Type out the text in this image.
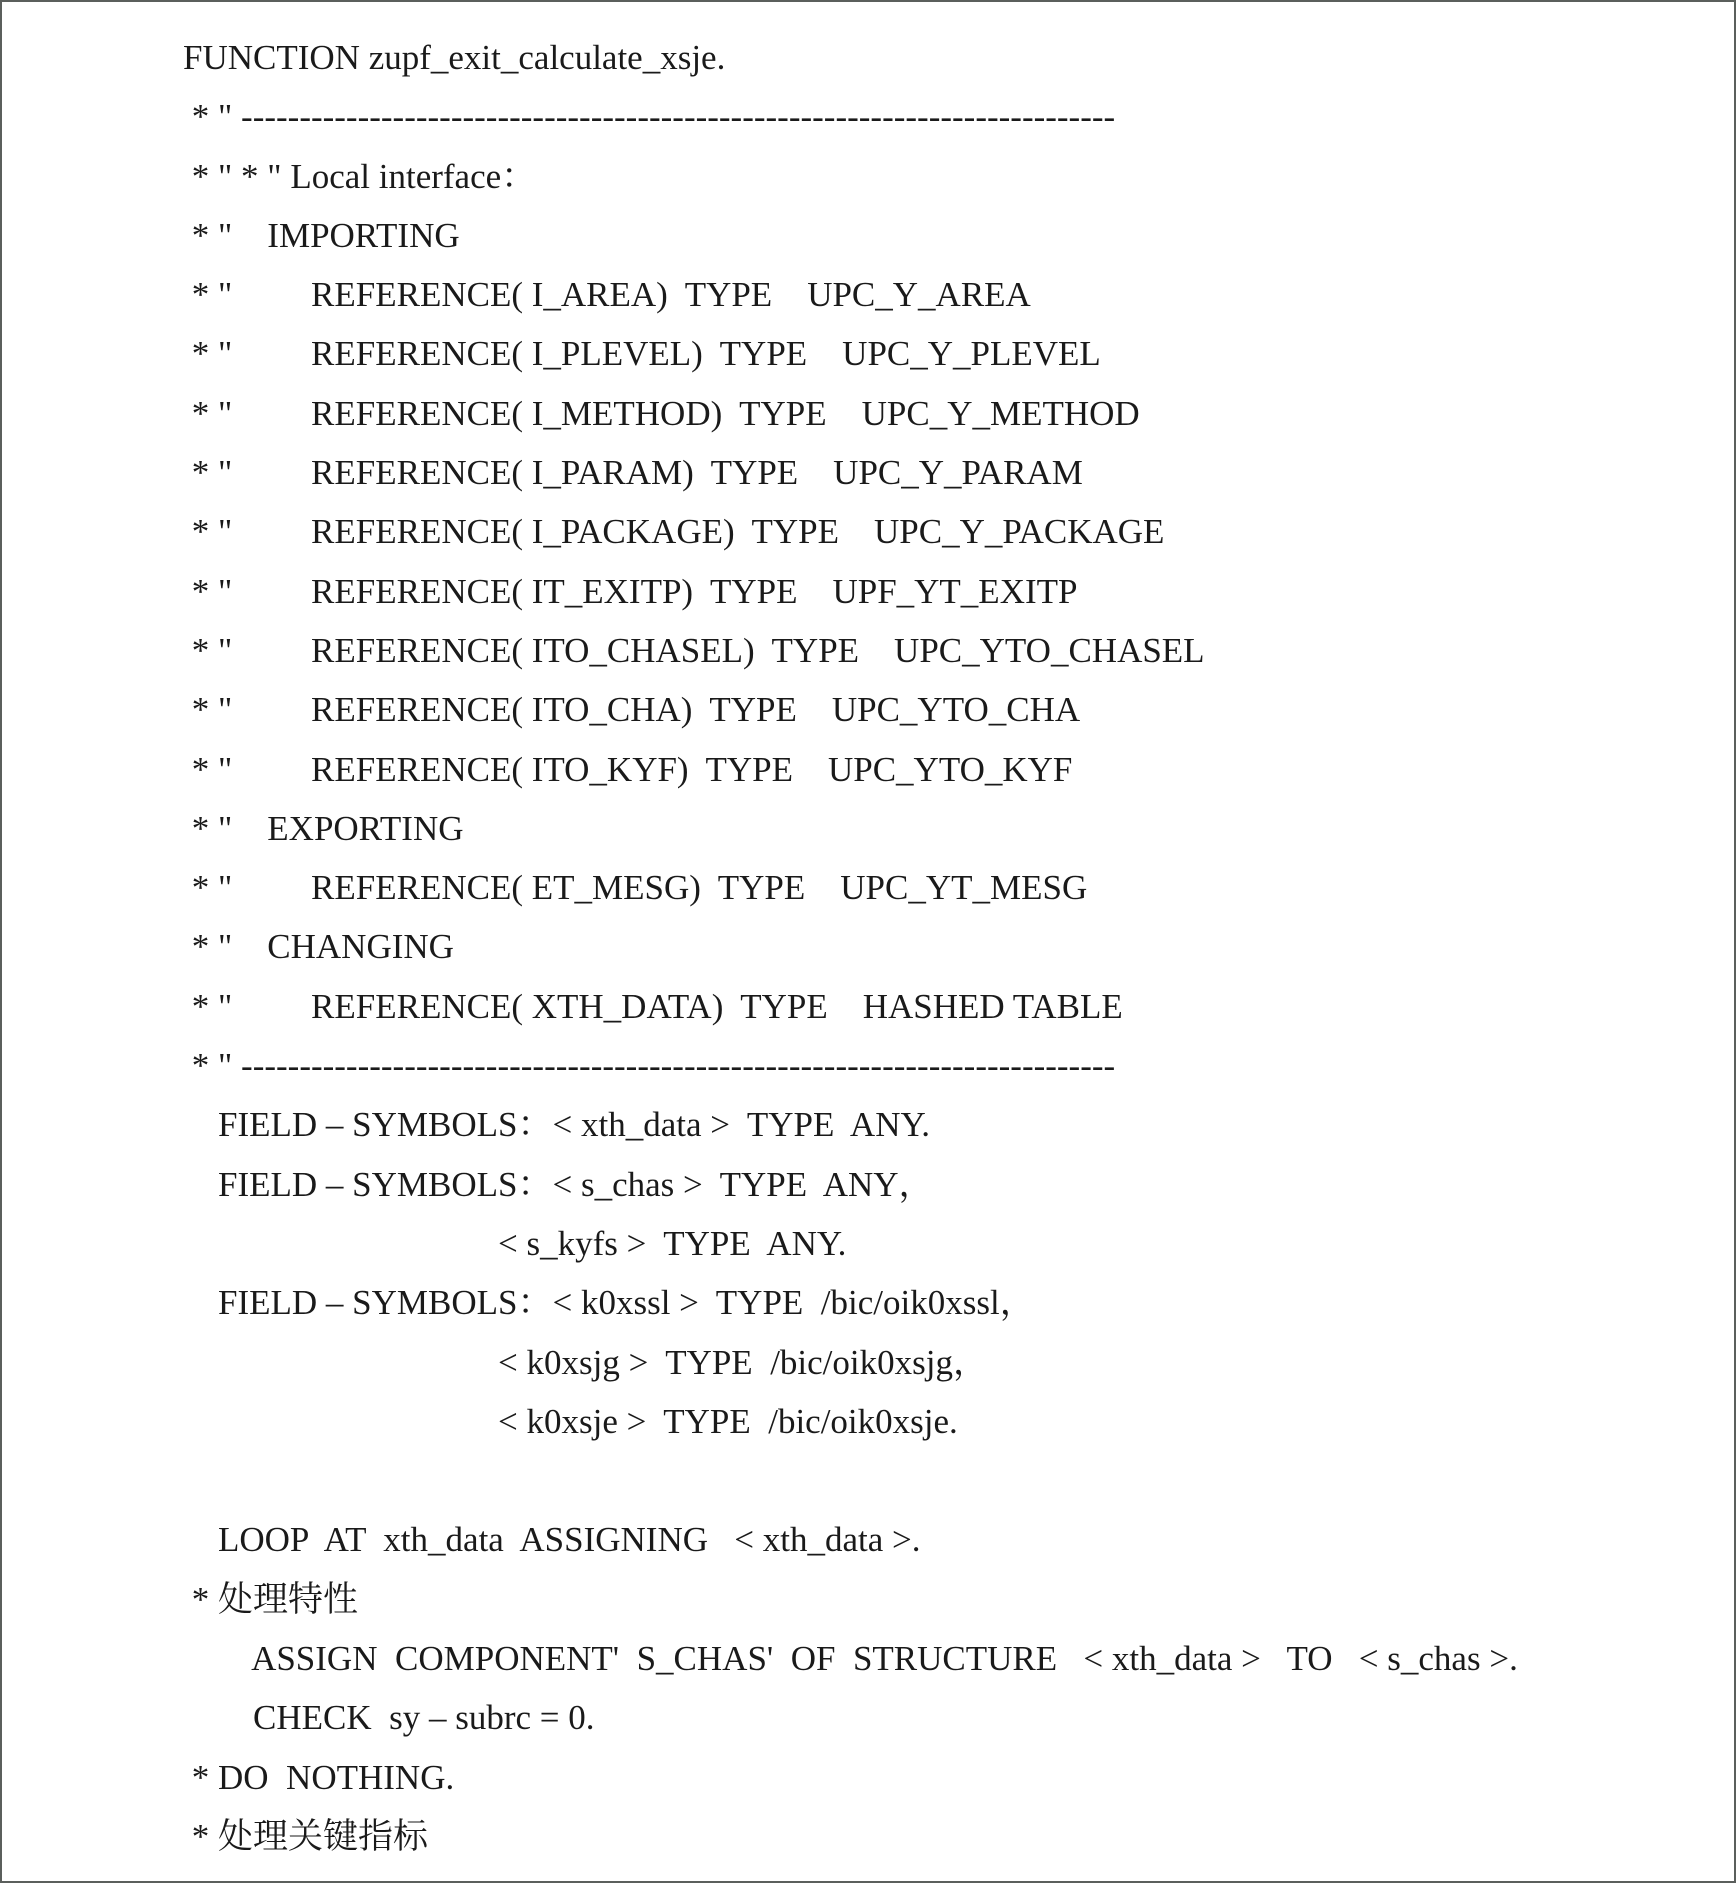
FUNCTION zupf_exit_calculate_xsje.
* " ---------------------------------------------------------------------------
* " * " Local interface：
* "    IMPORTING
* "         REFERENCE( I_AREA)  TYPE    UPC_Y_AREA
* "         REFERENCE( I_PLEVEL)  TYPE    UPC_Y_PLEVEL
* "         REFERENCE( I_METHOD)  TYPE    UPC_Y_METHOD
* "         REFERENCE( I_PARAM)  TYPE    UPC_Y_PARAM
* "         REFERENCE( I_PACKAGE)  TYPE    UPC_Y_PACKAGE
* "         REFERENCE( IT_EXITP)  TYPE    UPF_YT_EXITP
* "         REFERENCE( ITO_CHASEL)  TYPE    UPC_YTO_CHASEL
* "         REFERENCE( ITO_CHA)  TYPE    UPC_YTO_CHA
* "         REFERENCE( ITO_KYF)  TYPE    UPC_YTO_KYF
* "    EXPORTING
* "         REFERENCE( ET_MESG)  TYPE    UPC_YT_MESG
* "    CHANGING
* "         REFERENCE( XTH_DATA)  TYPE    HASHED TABLE
* " ---------------------------------------------------------------------------
FIELD – SYMBOLS：< xth_data >  TYPE  ANY.
FIELD – SYMBOLS：< s_chas >  TYPE  ANY，
< s_kyfs >  TYPE  ANY.
FIELD – SYMBOLS：< k0xssl >  TYPE  /bic/oik0xssl，
< k0xsjg >  TYPE  /bic/oik0xsjg，
< k0xsje >  TYPE  /bic/oik0xsje.
LOOP  AT  xth_data  ASSIGNING   < xth_data >.
* 处理特性
ASSIGN  COMPONENT'  S_CHAS'  OF  STRUCTURE   < xth_data >   TO   < s_chas >.
CHECK  sy – subrc = 0.
* DO  NOTHING.
* 处理关键指标
